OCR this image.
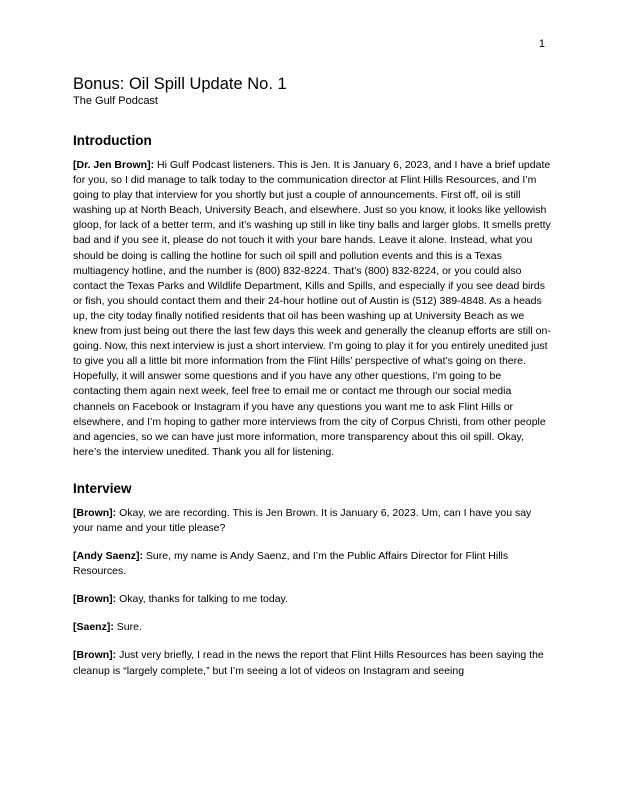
1
Bonus: Oil Spill Update No. 1
The Gulf Podcast
Introduction

[Dr. Jen Brown]: Hi Gulf Podcast listeners. This is Jen. It is January 6, 2023, and I have a brief update for you, so I did manage to talk today to the communication director at Flint Hills Resources, and I’m going to play that interview for you shortly but just a couple of announcements. First off, oil is still washing up at North Beach, University Beach, and elsewhere. Just so you know, it looks like yellowish gloop, for lack of a better term, and it’s washing up still in like tiny balls and larger globs. It smells pretty bad and if you see it, please do not touch it with your bare hands. Leave it alone. Instead, what you should be doing is calling the hotline for such oil spill and pollution events and this is a Texas multiagency hotline, and the number is (800) 832-8224. That’s (800) 832-8224, or you could also contact the Texas Parks and Wildlife Department, Kills and Spills, and especially if you see dead birds or fish, you should contact them and their 24-hour hotline out of Austin is (512) 389-4848. As a heads up, the city today finally notified residents that oil has been washing up at University Beach as we knew from just being out there the last few days this week and generally the cleanup efforts are still on-going. Now, this next interview is just a short interview. I’m going to play it for you entirely unedited just to give you all a little bit more information from the Flint Hills’ perspective of what’s going on there. Hopefully, it will answer some questions and if you have any other questions, I’m going to be contacting them again next week, feel free to email me or contact me through our social media channels on Facebook or Instagram if you have any questions you want me to ask Flint Hills or elsewhere, and I’m hoping to gather more interviews from the city of Corpus Christi, from other people and agencies, so we can have just more information, more transparency about this oil spill. Okay, here’s the interview unedited. Thank you all for listening.

Interview

[Brown]: Okay, we are recording. This is Jen Brown. It is January 6, 2023. Um, can I have you say your name and your title please?

[Andy Saenz]: Sure, my name is Andy Saenz, and I’m the Public Affairs Director for Flint Hills Resources.

[Brown]: Okay, thanks for talking to me today.

[Saenz]: Sure.

[Brown]: Just very briefly, I read in the news the report that Flint Hills Resources has been saying the cleanup is “largely complete,” but I’m seeing a lot of videos on Instagram and seeing
